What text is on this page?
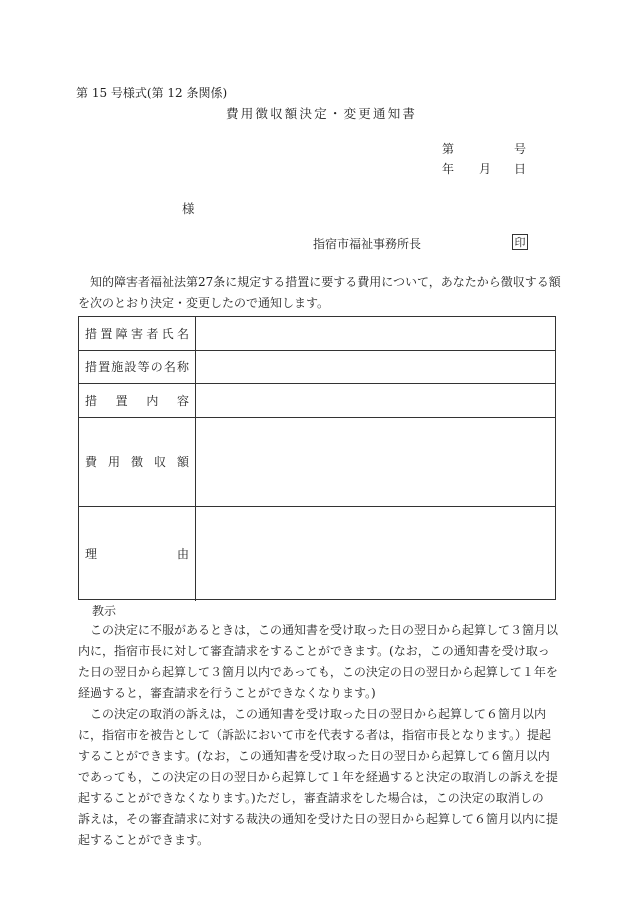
第 15 号様式(第 12 条関係)
費用徴収額決定・変更通知書
第	号
年 月 日
様
指宿市福祉事務所長	印

　知的障害者福祉法第27条に規定する措置に要する費用について，あなたから徴収する額

を次のとおり決定・変更したので通知します。

措 置 障 害 者 氏 名
措 置 施 設 等 の 名 称
措 置 内 容
費 用 徴 収 額
理	由
教示

　この決定に不服があるときは，この通知書を受け取った日の翌日から起算して３箇月以

内に，指宿市長に対して審査請求をすることができます。(なお，この通知書を受け取っ

た日の翌日から起算して３箇月以内であっても，この決定の日の翌日から起算して１年を

経過すると，審査請求を行うことができなくなります。)

　この決定の取消の訴えは，この通知書を受け取った日の翌日から起算して６箇月以内

に，指宿市を被告として（訴訟において市を代表する者は，指宿市長となります。）提起

することができます。(なお，この通知書を受け取った日の翌日から起算して６箇月以内

であっても，この決定の日の翌日から起算して１年を経過すると決定の取消しの訴えを提

起することができなくなります。)ただし，審査請求をした場合は，この決定の取消しの

訴えは，その審査請求に対する裁決の通知を受けた日の翌日から起算して６箇月以内に提

起することができます。
